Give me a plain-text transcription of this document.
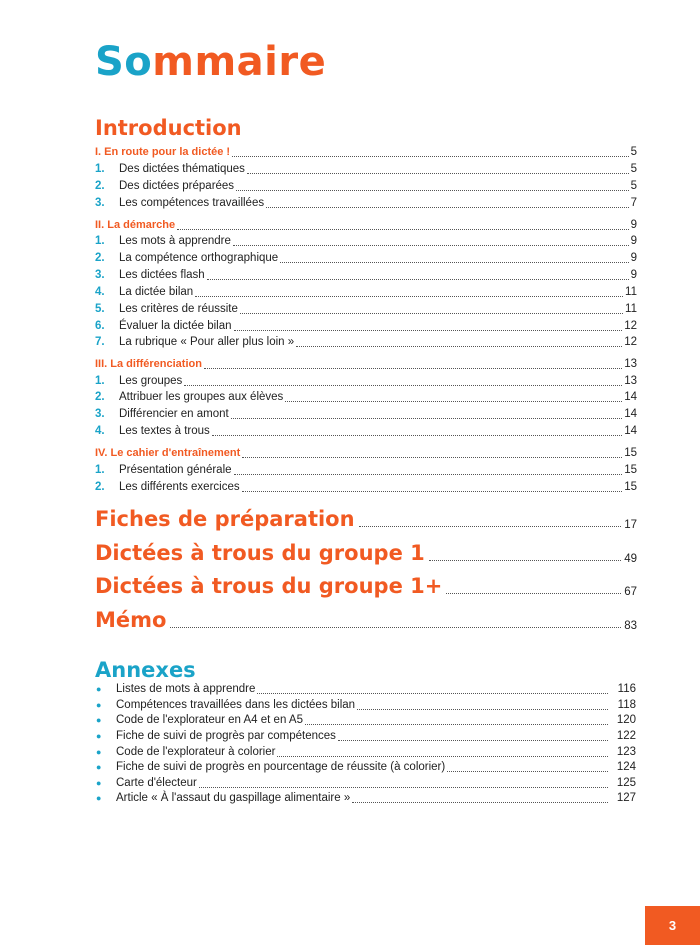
Sommaire
Introduction
I. En route pour la dictée !	5
1.	Des dictées thématiques	5
2.	Des dictées préparées	5
3.	Les compétences travaillées	7
II. La démarche	9
1.	Les mots à apprendre	9
2.	La compétence orthographique	9
3.	Les dictées flash	9
4.	La dictée bilan	11
5.	Les critères de réussite	11
6.	Évaluer la dictée bilan	12
7.	La rubrique « Pour aller plus loin »	12
III. La différenciation	13
1.	Les groupes	13
2.	Attribuer les groupes aux élèves	14
3.	Différencier en amont	14
4.	Les textes à trous	14
IV. Le cahier d'entraînement	15
1.	Présentation générale	15
2.	Les différents exercices	15
Fiches de préparation	17
Dictées à trous du groupe 1	49
Dictées à trous du groupe 1+	67
Mémo	83
Annexes
●	Listes de mots à apprendre	116
●	Compétences travaillées dans les dictées bilan	118
●	Code de l'explorateur en A4 et en A5	120
●	Fiche de suivi de progrès par compétences	122
●	Code de l'explorateur à colorier	123
●	Fiche de suivi de progrès en pourcentage de réussite (à colorier)	124
●	Carte d'électeur	125
●	Article « À l'assaut du gaspillage alimentaire »	127
3
